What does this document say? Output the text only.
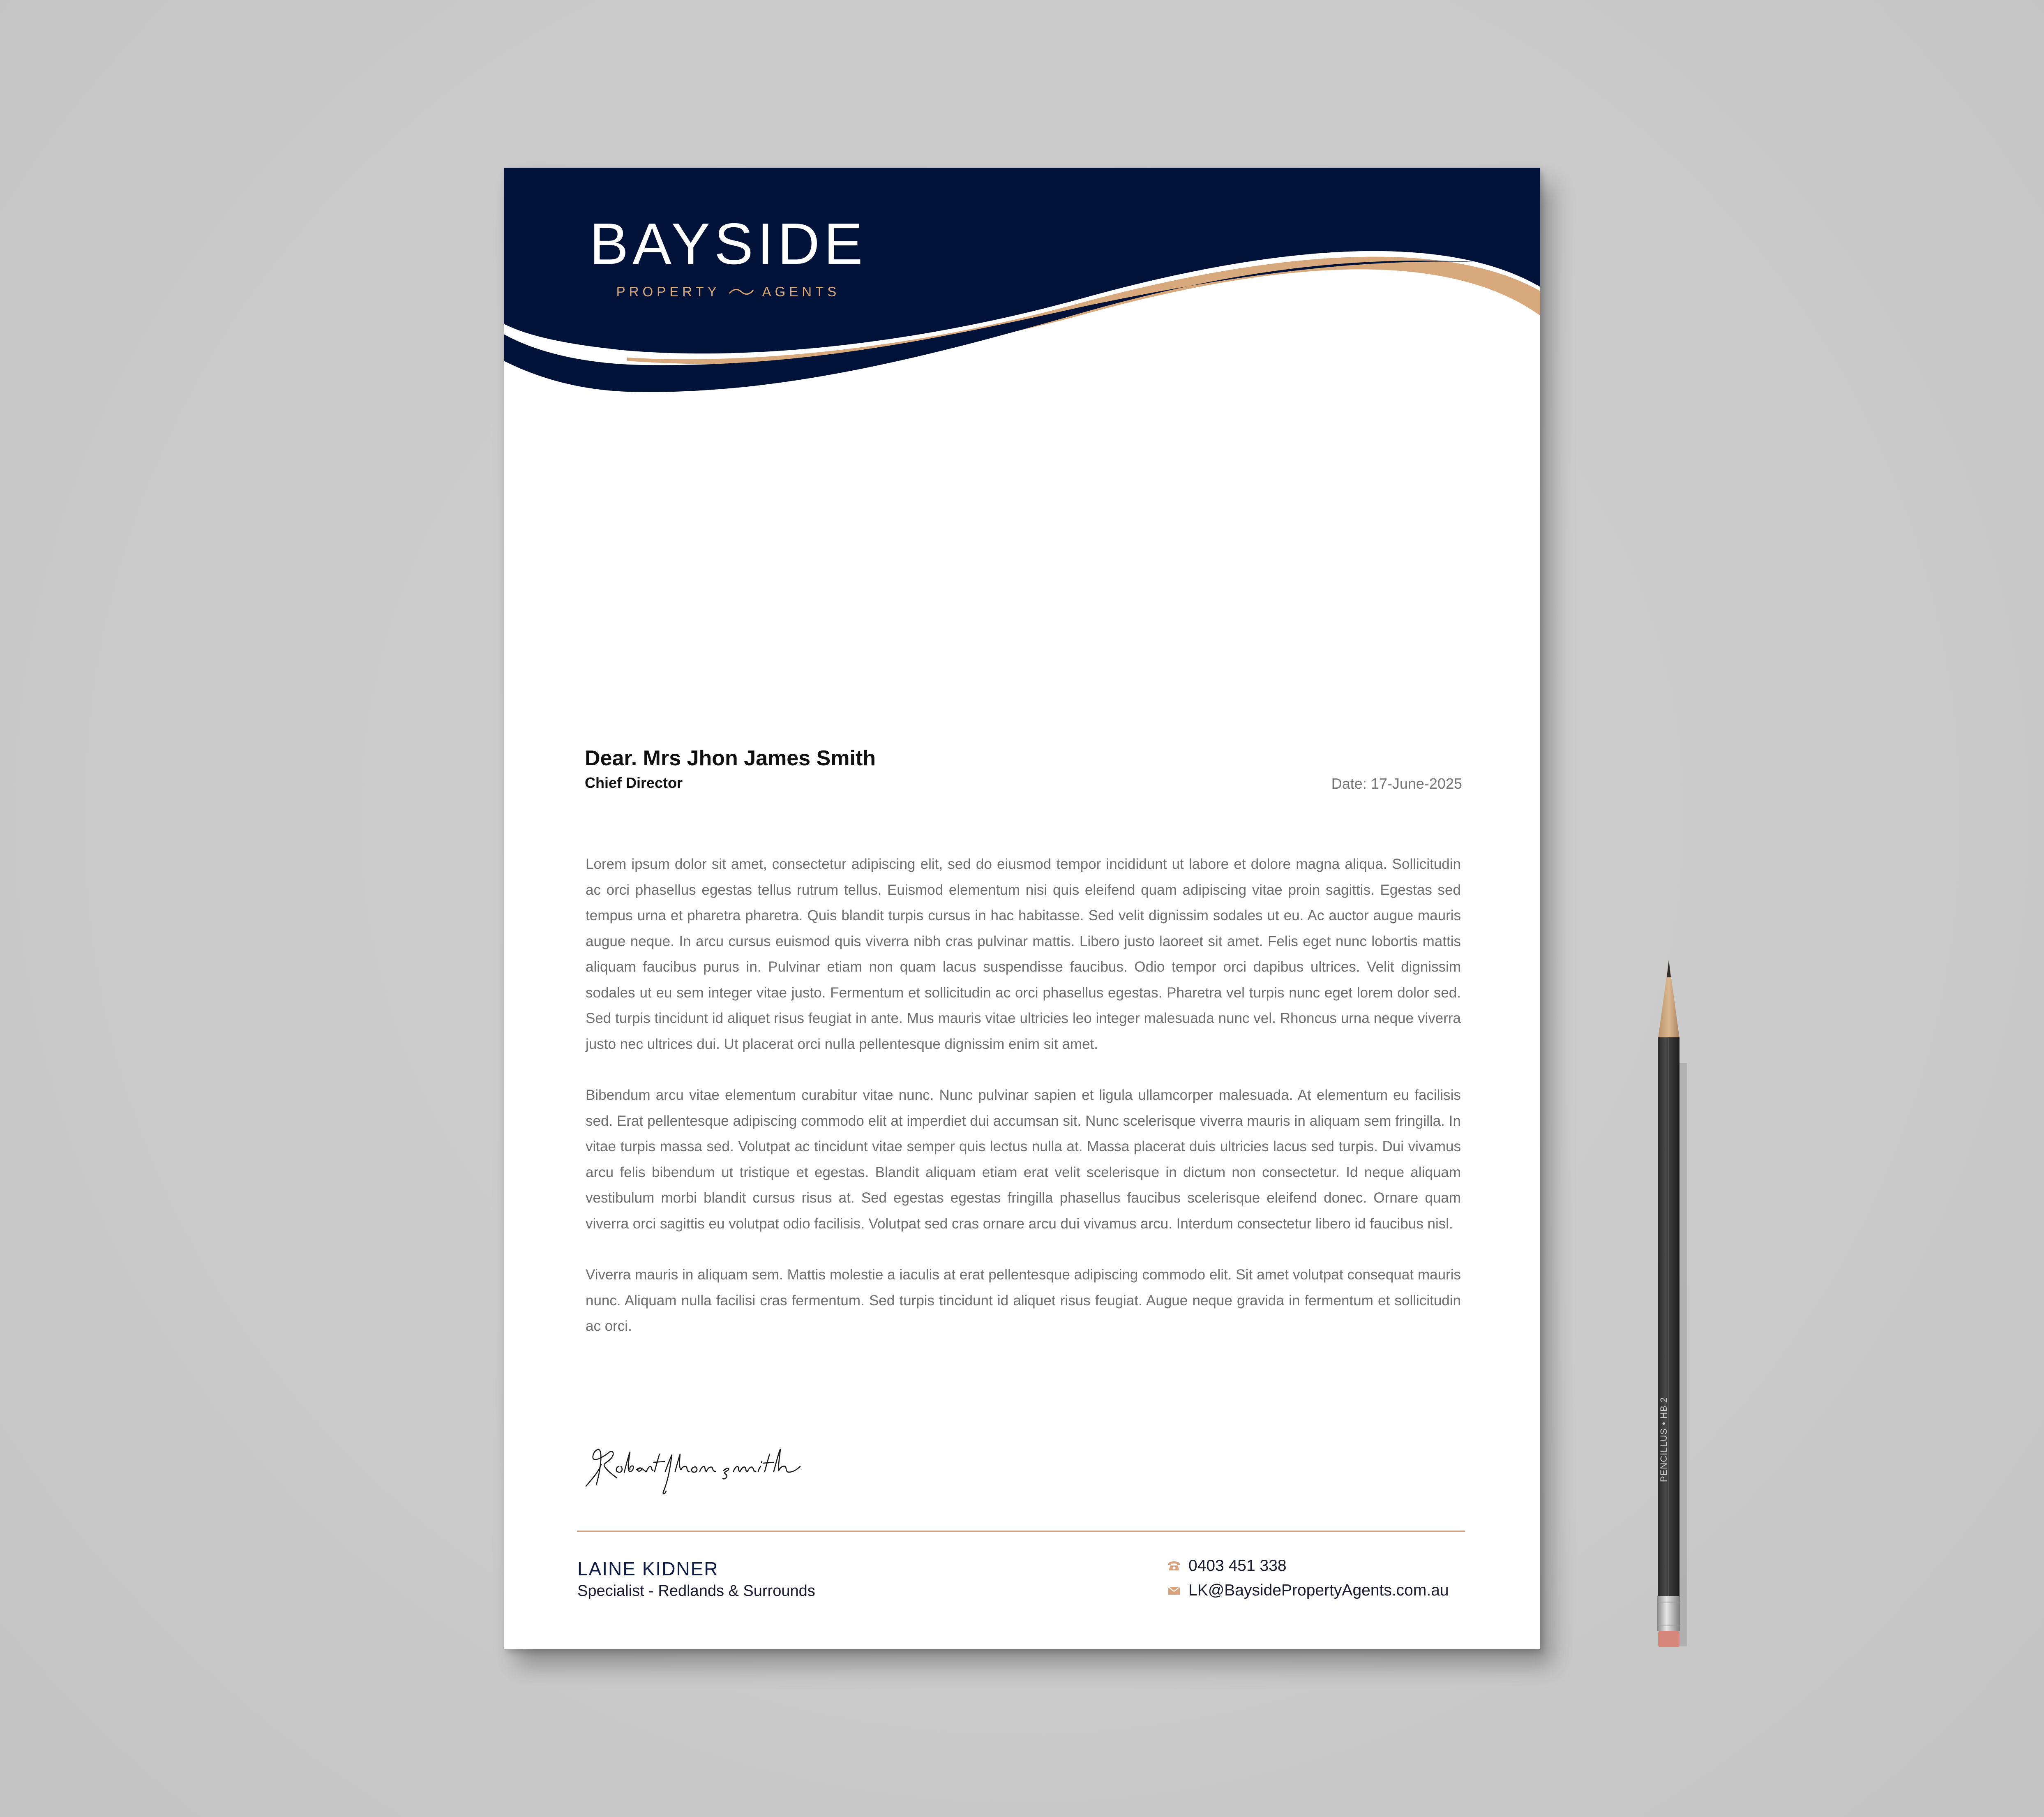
BAYSIDE
PROPERTY	AGENTS
Dear. Mrs Jhon James Smith
Chief Director	Date: 17-June-2025

Lorem ipsum dolor sit amet, consectetur adipiscing elit, sed do eiusmod tempor incididunt ut labore et dolore magna aliqua. Sollicitudin ac orci phasellus egestas tellus rutrum tellus. Euismod elementum nisi quis eleifend quam adipiscing vitae proin sagittis. Egestas sed tempus urna et pharetra pharetra. Quis blandit turpis cursus in hac habitasse. Sed velit dignissim sodales ut eu. Ac auctor augue mauris augue neque. In arcu cursus euismod quis viverra nibh cras pulvinar mattis. Libero justo laoreet sit amet. Felis eget nunc lobortis mattis aliquam faucibus purus in. Pulvinar etiam non quam lacus suspendisse faucibus. Odio tempor orci dapibus ultrices. Velit dignissim sodales ut eu sem integer vitae justo. Fermentum et sollicitudin ac orci phasellus egestas. Pharetra vel turpis nunc eget lorem dolor sed. Sed turpis tincidunt id aliquet risus feugiat in ante. Mus mauris vitae ultricies leo integer malesuada nunc vel. Rhoncus urna neque viverra justo nec ultrices dui. Ut placerat orci nulla pellentesque dignissim enim sit amet.

Bibendum arcu vitae elementum curabitur vitae nunc. Nunc pulvinar sapien et ligula ullamcorper malesuada. At elementum eu facilisis sed. Erat pellentesque adipiscing commodo elit at imperdiet dui accumsan sit. Nunc scelerisque viverra mauris in aliquam sem fringilla. In vitae turpis massa sed. Volutpat ac tincidunt vitae semper quis lectus nulla at. Massa placerat duis ultricies lacus sed turpis. Dui vivamus arcu felis bibendum ut tristique et egestas. Blandit aliquam etiam erat velit scelerisque in dictum non consectetur. Id neque aliquam vestibulum morbi blandit cursus risus at. Sed egestas egestas fringilla phasellus faucibus scelerisque eleifend donec. Ornare quam viverra orci sagittis eu volutpat odio facilisis. Volutpat sed cras ornare arcu dui vivamus arcu. Interdum consectetur libero id faucibus nisl.

Viverra mauris in aliquam sem. Mattis molestie a iaculis at erat pellentesque adipiscing commodo elit. Sit amet volutpat consequat mauris nunc. Aliquam nulla facilisi cras fermentum. Sed turpis tincidunt id aliquet risus feugiat. Augue neque gravida in fermentum et sollicitudin ac orci.

LAINE KIDNER
Specialist - Redlands & Surrounds
0403 451 338
LK@BaysidePropertyAgents.com.au
PENCILLUS • HB 2
